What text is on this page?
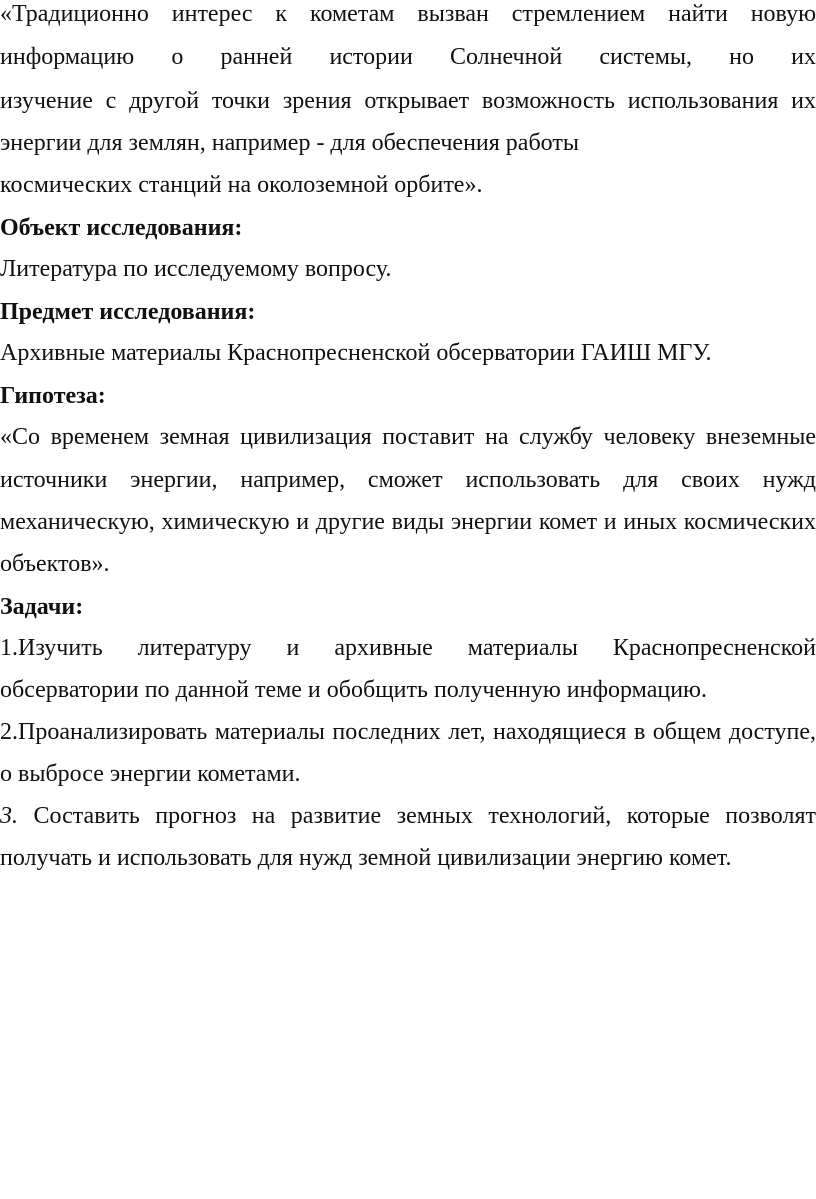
«Традиционно интерес к кометам вызван стремлением найти новую
информацию о ранней истории Солнечной системы, но их
изучение с другой точки зрения открывает возможность использования их
энергии для землян, например - для обеспечения работы
космических станций на околоземной орбите».
Объект исследования:
Литература по исследуемому вопросу.
Предмет исследования:
Архивные материалы Краснопресненской обсерватории ГАИШ МГУ.
Гипотеза:
«Со временем земная цивилизация поставит на службу человеку внеземные
источники энергии, например, сможет использовать для своих нужд
механическую, химическую и другие виды энергии комет и иных космических
объектов».
Задачи:
1.Изучить литературу и архивные материалы Краснопресненской
обсерватории по данной теме и обобщить полученную информацию.
2.Проанализировать материалы последних лет, находящиеся в общем доступе,
о выбросе энергии кометами.
3. Составить прогноз на развитие земных технологий, которые позволят
получать и использовать для нужд земной цивилизации энергию комет.
